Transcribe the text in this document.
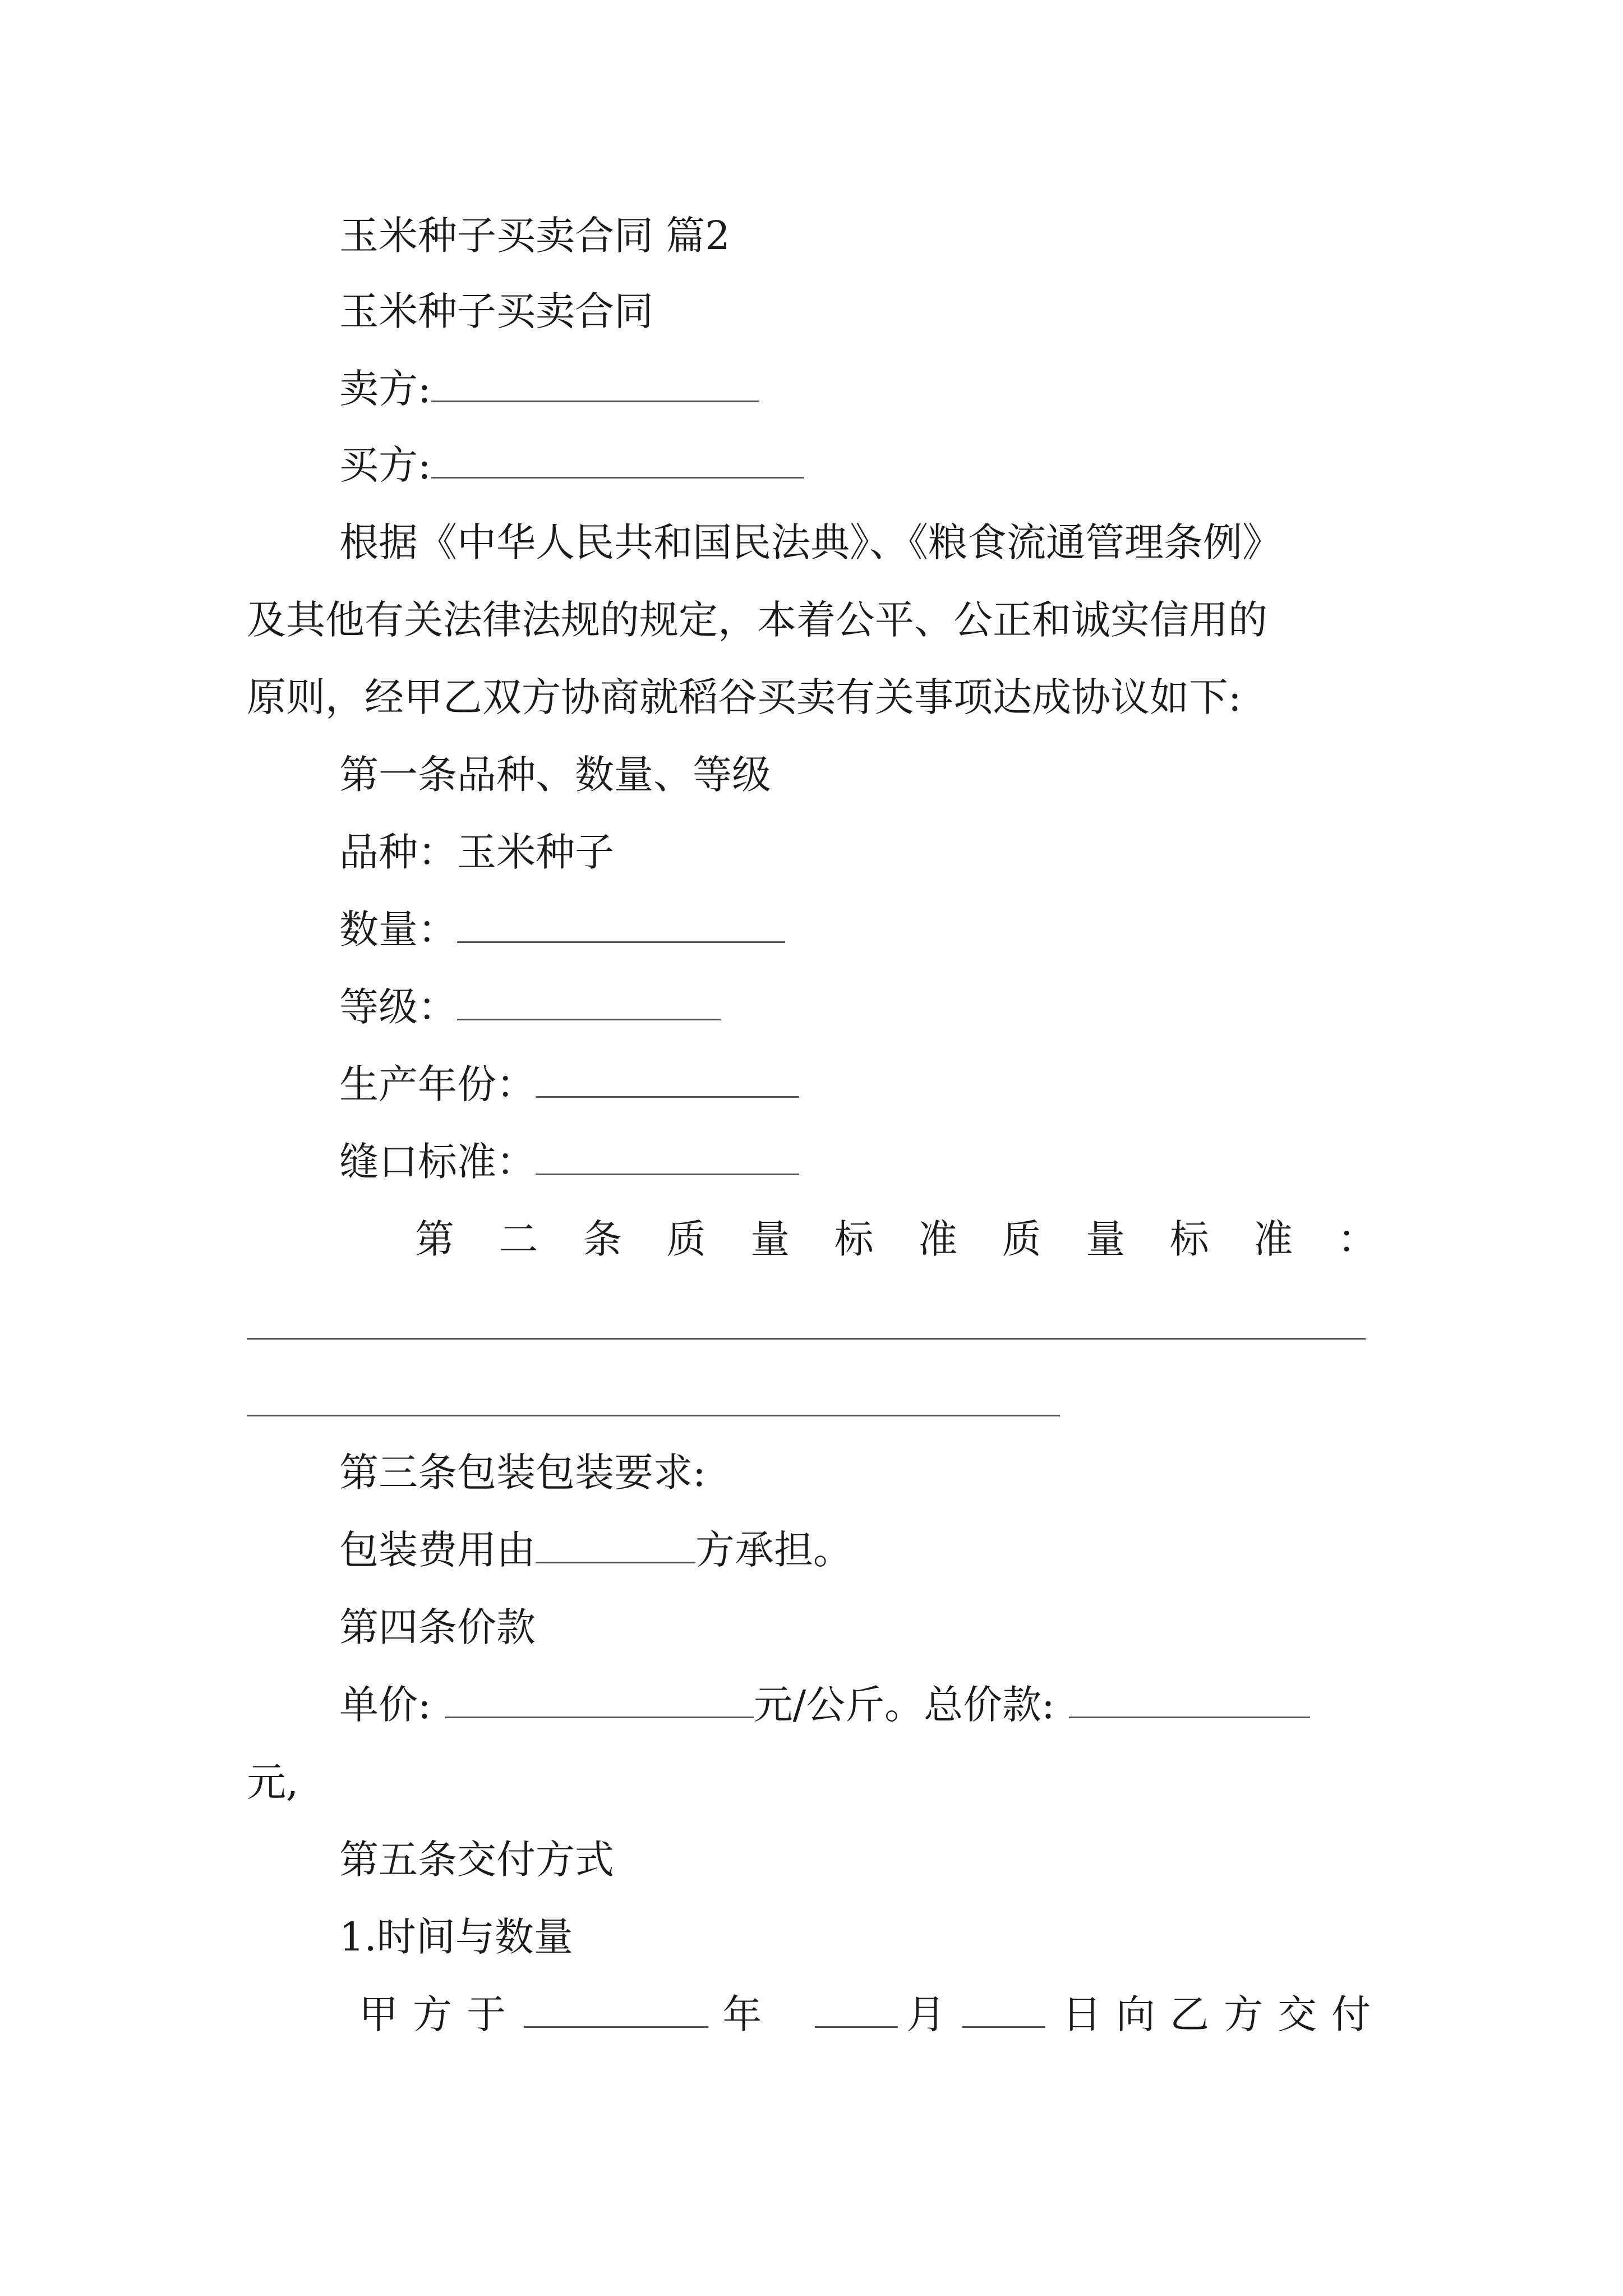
玉米种子买卖合同 篇2
玉米种子买卖合同
卖方:
买方:
根据《中华人民共和国民法典》、《粮食流通管理条例》
及其他有关法律法规的规定，本着公平、公正和诚实信用的
原则，经甲乙双方协商就稻谷买卖有关事项达成协议如下:
第一条品种、数量、等级
品种：玉米种子
数量：
等级：
生产年份：
缝口标准：
第 二 条 质 量 标 准 质 量 标 准 ：
第三条包装包装要求:
包装费用由	方承担。
第四条价款
单价:	元/公斤。总价款:
元,
第五条交付方式
1.时间与数量
甲方于	年	月	日向乙方交付
